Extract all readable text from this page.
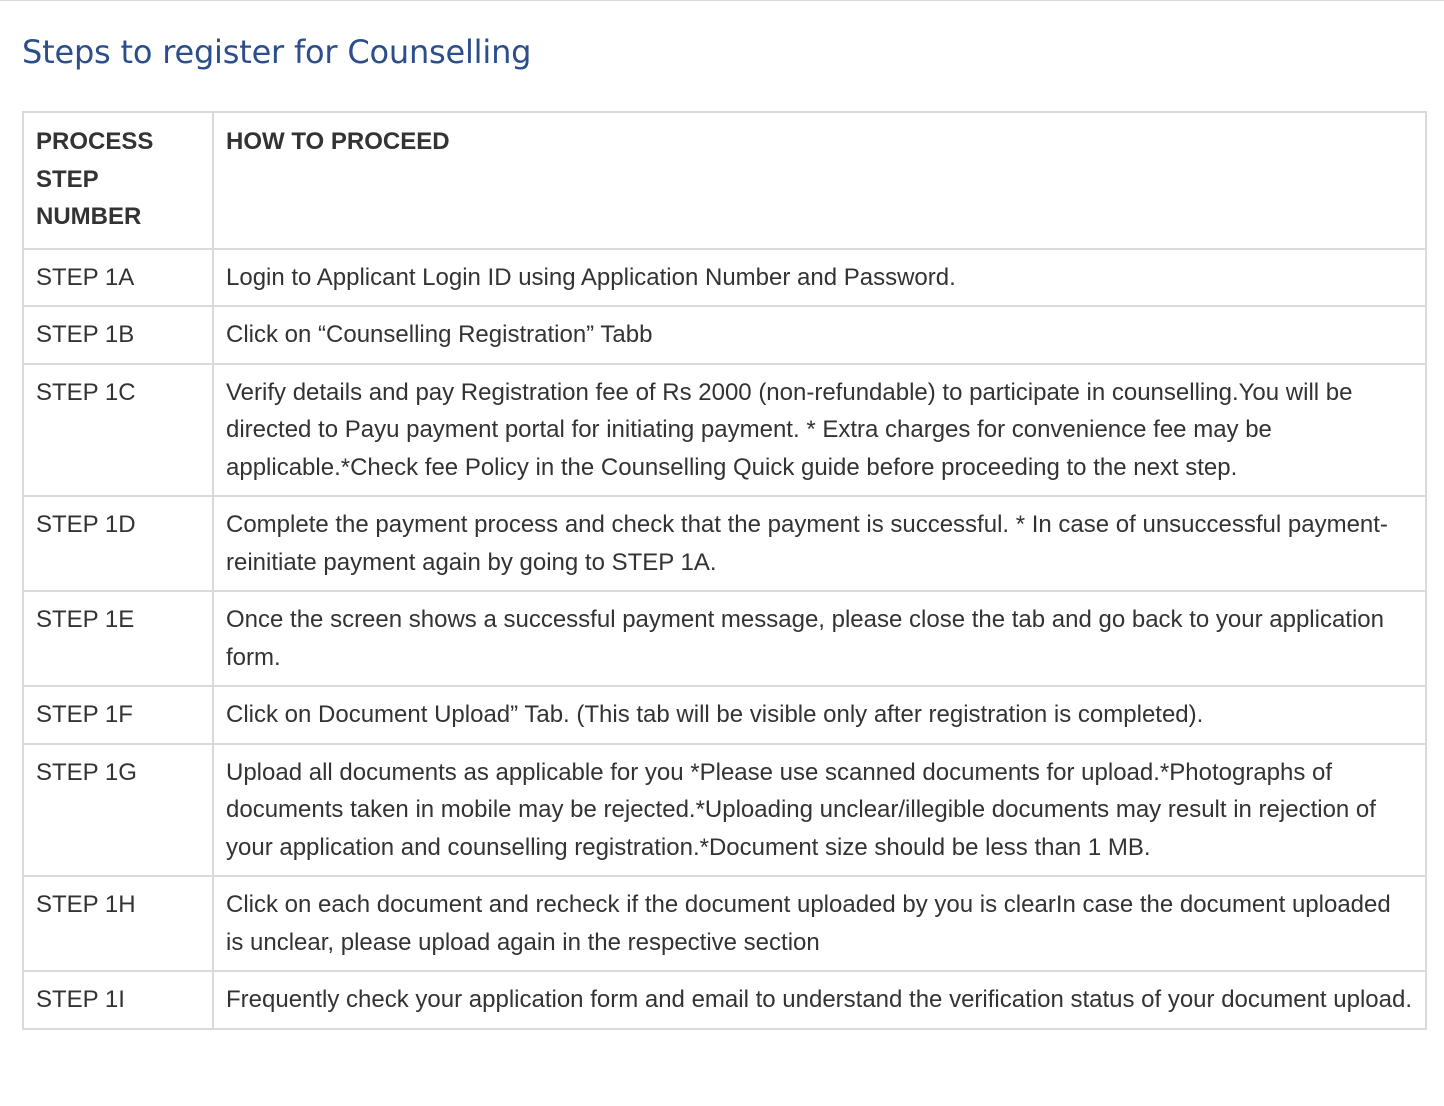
Steps to register for Counselling
PROCESS STEP NUMBER	HOW TO PROCEED
STEP 1A	Login to Applicant Login ID using Application Number and Password.
STEP 1B	Click on “Counselling Registration” Tabb
STEP 1C	Verify details and pay Registration fee of Rs 2000 (non-refundable) to participate in counselling.You will be directed to Payu payment portal for initiating payment. * Extra charges for convenience fee may be applicable.*Check fee Policy in the Counselling Quick guide before proceeding to the next step.
STEP 1D	Complete the payment process and check that the payment is successful. * In case of unsuccessful payment- reinitiate payment again by going to STEP 1A.
STEP 1E	Once the screen shows a successful payment message, please close the tab and go back to your application form.
STEP 1F	Click on Document Upload” Tab. (This tab will be visible only after registration is completed).
STEP 1G	Upload all documents as applicable for you *Please use scanned documents for upload.*Photographs of documents taken in mobile may be rejected.*Uploading unclear/illegible documents may result in rejection of your application and counselling registration.*Document size should be less than 1 MB.
STEP 1H	Click on each document and recheck if the document uploaded by you is clearIn case the document uploaded is unclear, please upload again in the respective section
STEP 1I	Frequently check your application form and email to understand the verification status of your document upload.
